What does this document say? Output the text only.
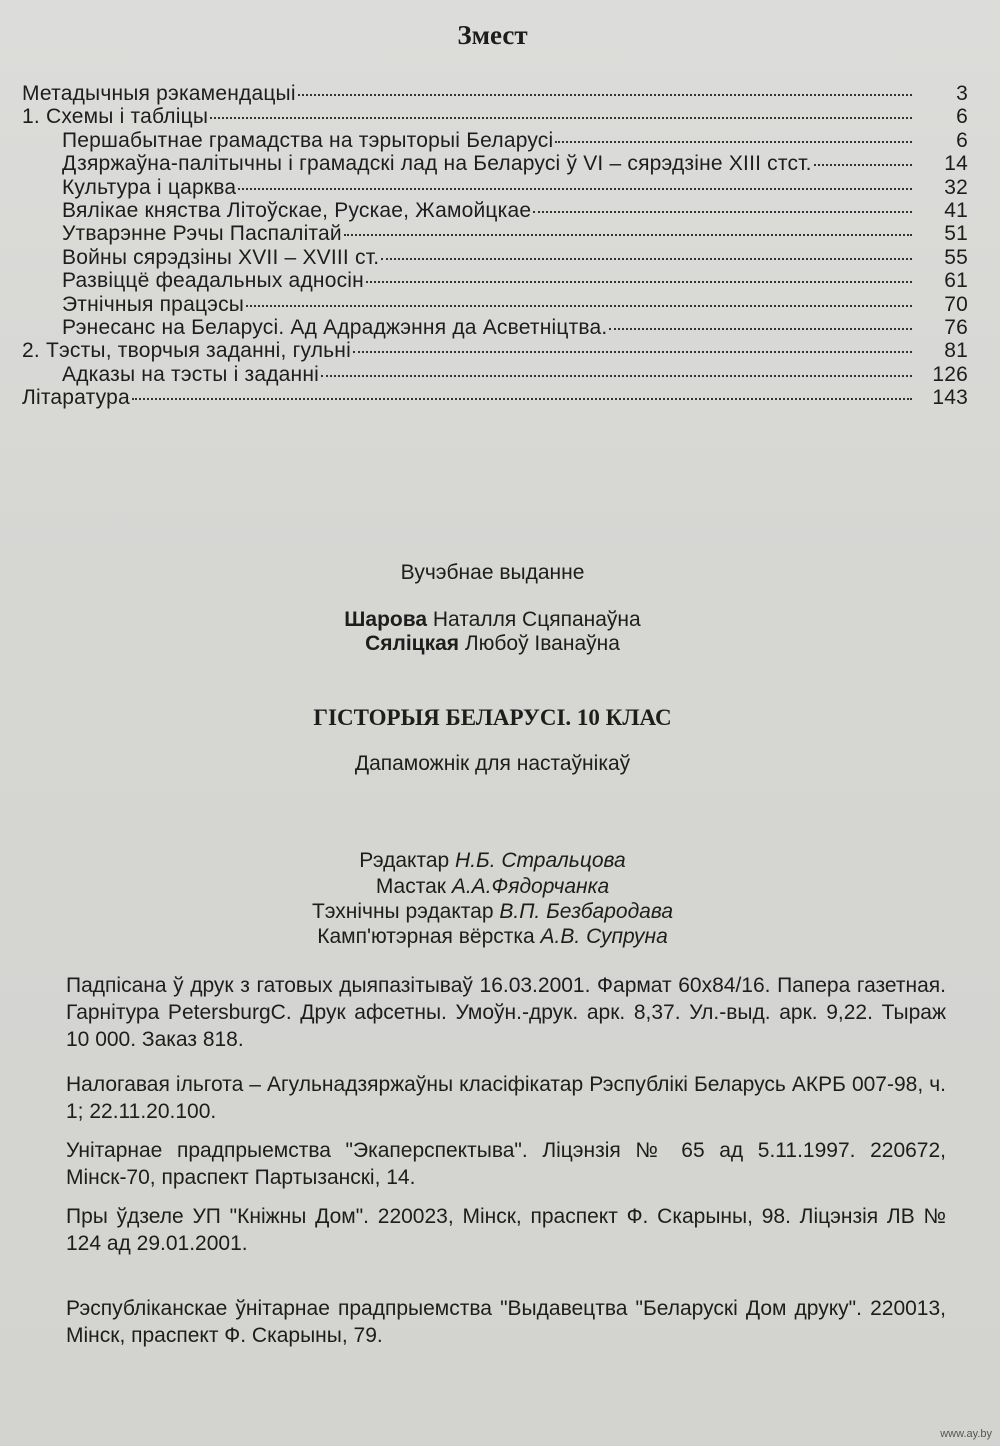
Змест
Метадычныя рэкамендацыі	3
1. Схемы і табліцы	6
Першабытнае грамадства на тэрыторыі Беларусі	6
Дзяржаўна-палітычны і грамадскі лад на Беларусі ў VI – сярэдзіне XIII стст.	14
Культура і царква	32
Вялікае княства Літоўскае, Рускае, Жамойцкае	41
Утварэнне Рэчы Паспалітай	51
Войны сярэдзіны XVII – XVIII ст.	55
Развіццё феадальных адносін	61
Этнічныя працэсы	70
Рэнесанс на Беларусі. Ад Адраджэння да Асветніцтва.	76
2. Тэсты, творчыя заданні, гульні	81
Адказы на тэсты і заданні	126
Літаратура	143
Вучэбнае выданне
Шарова Наталля Сцяпанаўна
Сяліцкая Любоў Іванаўна
ГІСТОРЫЯ БЕЛАРУСІ. 10 КЛАС
Дапаможнік для настаўнікаў
Рэдактар Н.Б. Стральцова
Мастак А.А.Фядорчанка
Тэхнічны рэдактар В.П. Безбародава
Камп'ютэрная вёрстка А.В. Супруна
Падпісана ў друк з гатовых дыяпазітываў 16.03.2001. Фармат 60х84/16. Папера газетная. Гарнітура PetersburgC. Друк афсетны. Умоўн.-друк. арк. 8,37. Ул.-выд. арк. 9,22. Тыраж 10 000. Заказ 818.
Налогавая ільгота – Агульнадзяржаўны класіфікатар Рэспублікі Беларусь АКРБ 007-98, ч. 1; 22.11.20.100.
Унітарнае прадпрыемства "Экаперспектыва". Ліцэнзія № 65 ад 5.11.1997. 220672, Мінск-70, праспект Партызанскі, 14.
Пры ўдзеле УП "Кніжны Дом". 220023, Мінск, праспект Ф. Скарыны, 98. Ліцэнзія ЛВ № 124 ад 29.01.2001.
Рэспубліканскае ўнітарнае прадпрыемства "Выдавецтва "Беларускі Дом друку". 220013, Мінск, праспект Ф. Скарыны, 79.
www.ay.by
